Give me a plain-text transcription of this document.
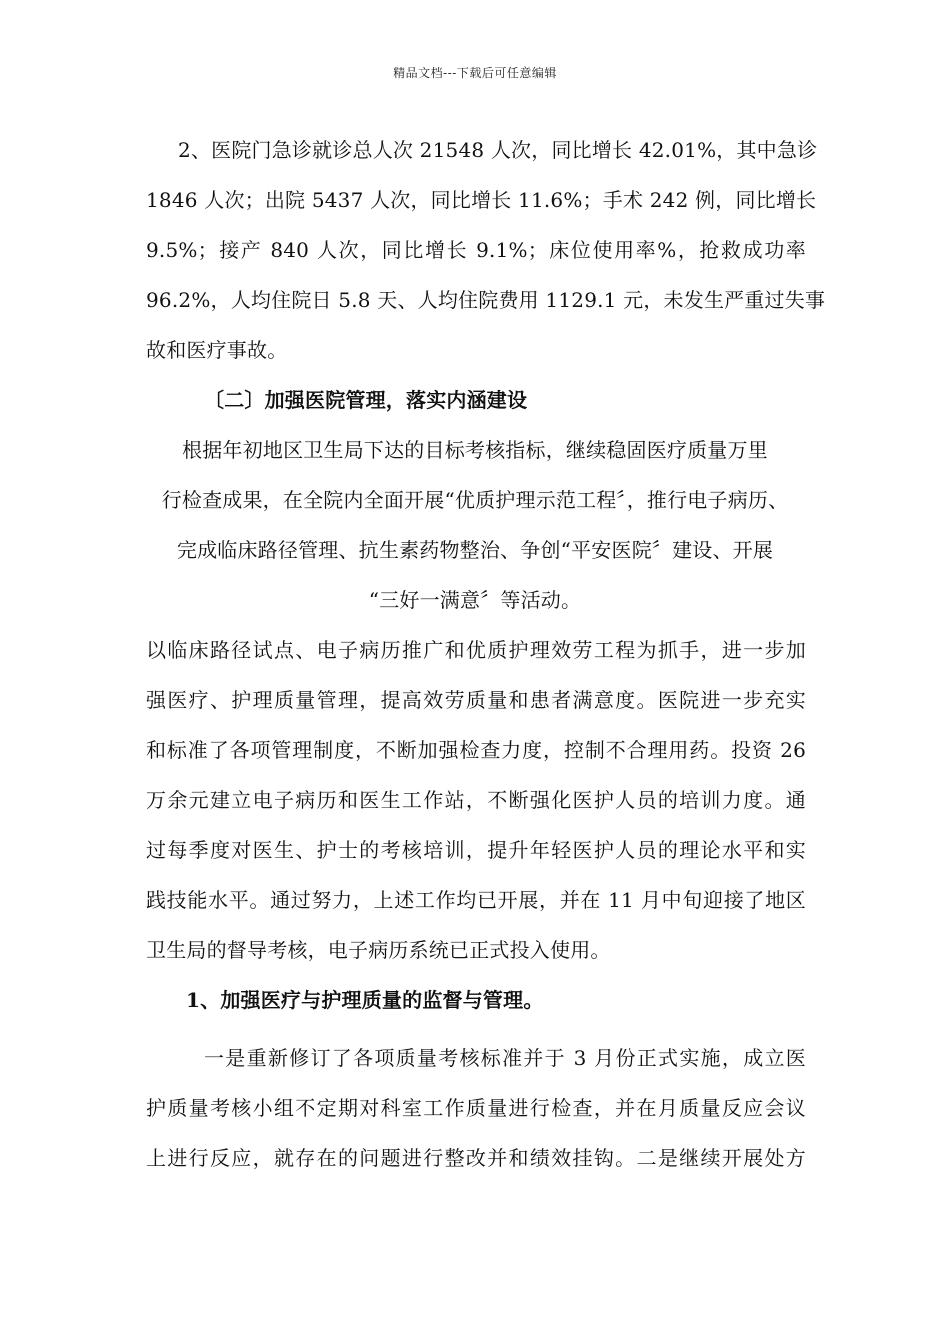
精品文档---下载后可任意编辑
2、医院门急诊就诊总人次 21548 人次，同比增长 42.01%，其中急诊
1846 人次；出院 5437 人次，同比增长 11.6%；手术 242 例，同比增长
9.5%；接产 840 人次，同比增长 9.1%；床位使用率%，抢救成功率
96.2%，人均住院日 5.8 天、人均住院费用 1129.1 元，未发生严重过失事
故和医疗事故。
〔二〕加强医院管理，落实内涵建设
根据年初地区卫生局下达的目标考核指标，继续稳固医疗质量万里
行检查成果，在全院内全面开展“优质护理示范工程〞，推行电子病历、
完成临床路径管理、抗生素药物整治、争创“平安医院〞建设、开展
“三好一满意〞等活动。
以临床路径试点、电子病历推广和优质护理效劳工程为抓手，进一步加
强医疗、护理质量管理，提高效劳质量和患者满意度。医院进一步充实
和标准了各项管理制度，不断加强检查力度，控制不合理用药。投资 26
万余元建立电子病历和医生工作站，不断强化医护人员的培训力度。通
过每季度对医生、护士的考核培训，提升年轻医护人员的理论水平和实
践技能水平。通过努力，上述工作均已开展，并在 11 月中旬迎接了地区
卫生局的督导考核，电子病历系统已正式投入使用。
1、加强医疗与护理质量的监督与管理。
一是重新修订了各项质量考核标准并于 3 月份正式实施，成立医
护质量考核小组不定期对科室工作质量进行检查，并在月质量反应会议
上进行反应，就存在的问题进行整改并和绩效挂钩。二是继续开展处方
